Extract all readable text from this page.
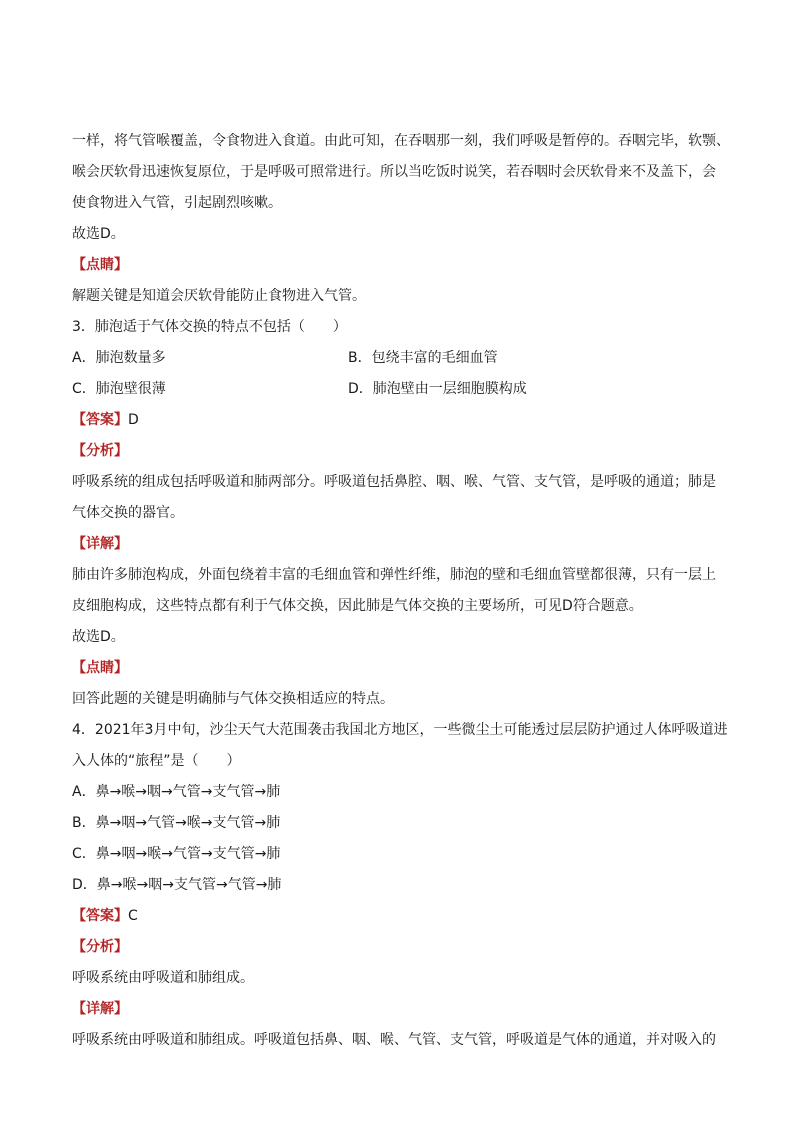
一样，将气管喉覆盖，令食物进入食道。由此可知，在吞咽那一刻，我们呼吸是暂停的。吞咽完毕，软颚、
喉会厌软骨迅速恢复原位，于是呼吸可照常进行。所以当吃饭时说笑，若吞咽时会厌软骨来不及盖下，会
使食物进入气管，引起剧烈咳嗽。
故选D。
【点睛】
解题关键是知道会厌软骨能防止食物进入气管。
3．肺泡适于气体交换的特点不包括（　　）
A．肺泡数量多	B．包绕丰富的毛细血管
C．肺泡壁很薄	D．肺泡壁由一层细胞膜构成
【答案】D
【分析】
呼吸系统的组成包括呼吸道和肺两部分。呼吸道包括鼻腔、咽、喉、气管、支气管，是呼吸的通道；肺是
气体交换的器官。
【详解】
肺由许多肺泡构成，外面包绕着丰富的毛细血管和弹性纤维，肺泡的壁和毛细血管壁都很薄，只有一层上
皮细胞构成，这些特点都有利于气体交换，因此肺是气体交换的主要场所，可见D符合题意。
故选D。
【点睛】
回答此题的关键是明确肺与气体交换相适应的特点。
4．2021年3月中旬，沙尘天气大范围袭击我国北方地区，一些微尘土可能透过层层防护通过人体呼吸道进
入人体的“旅程”是（　　）
A．鼻→喉→咽→气管→支气管→肺
B．鼻→咽→气管→喉→支气管→肺
C．鼻→咽→喉→气管→支气管→肺
D．鼻→喉→咽→支气管→气管→肺
【答案】C
【分析】
呼吸系统由呼吸道和肺组成。
【详解】
呼吸系统由呼吸道和肺组成。呼吸道包括鼻、咽、喉、气管、支气管，呼吸道是气体的通道，并对吸入的
